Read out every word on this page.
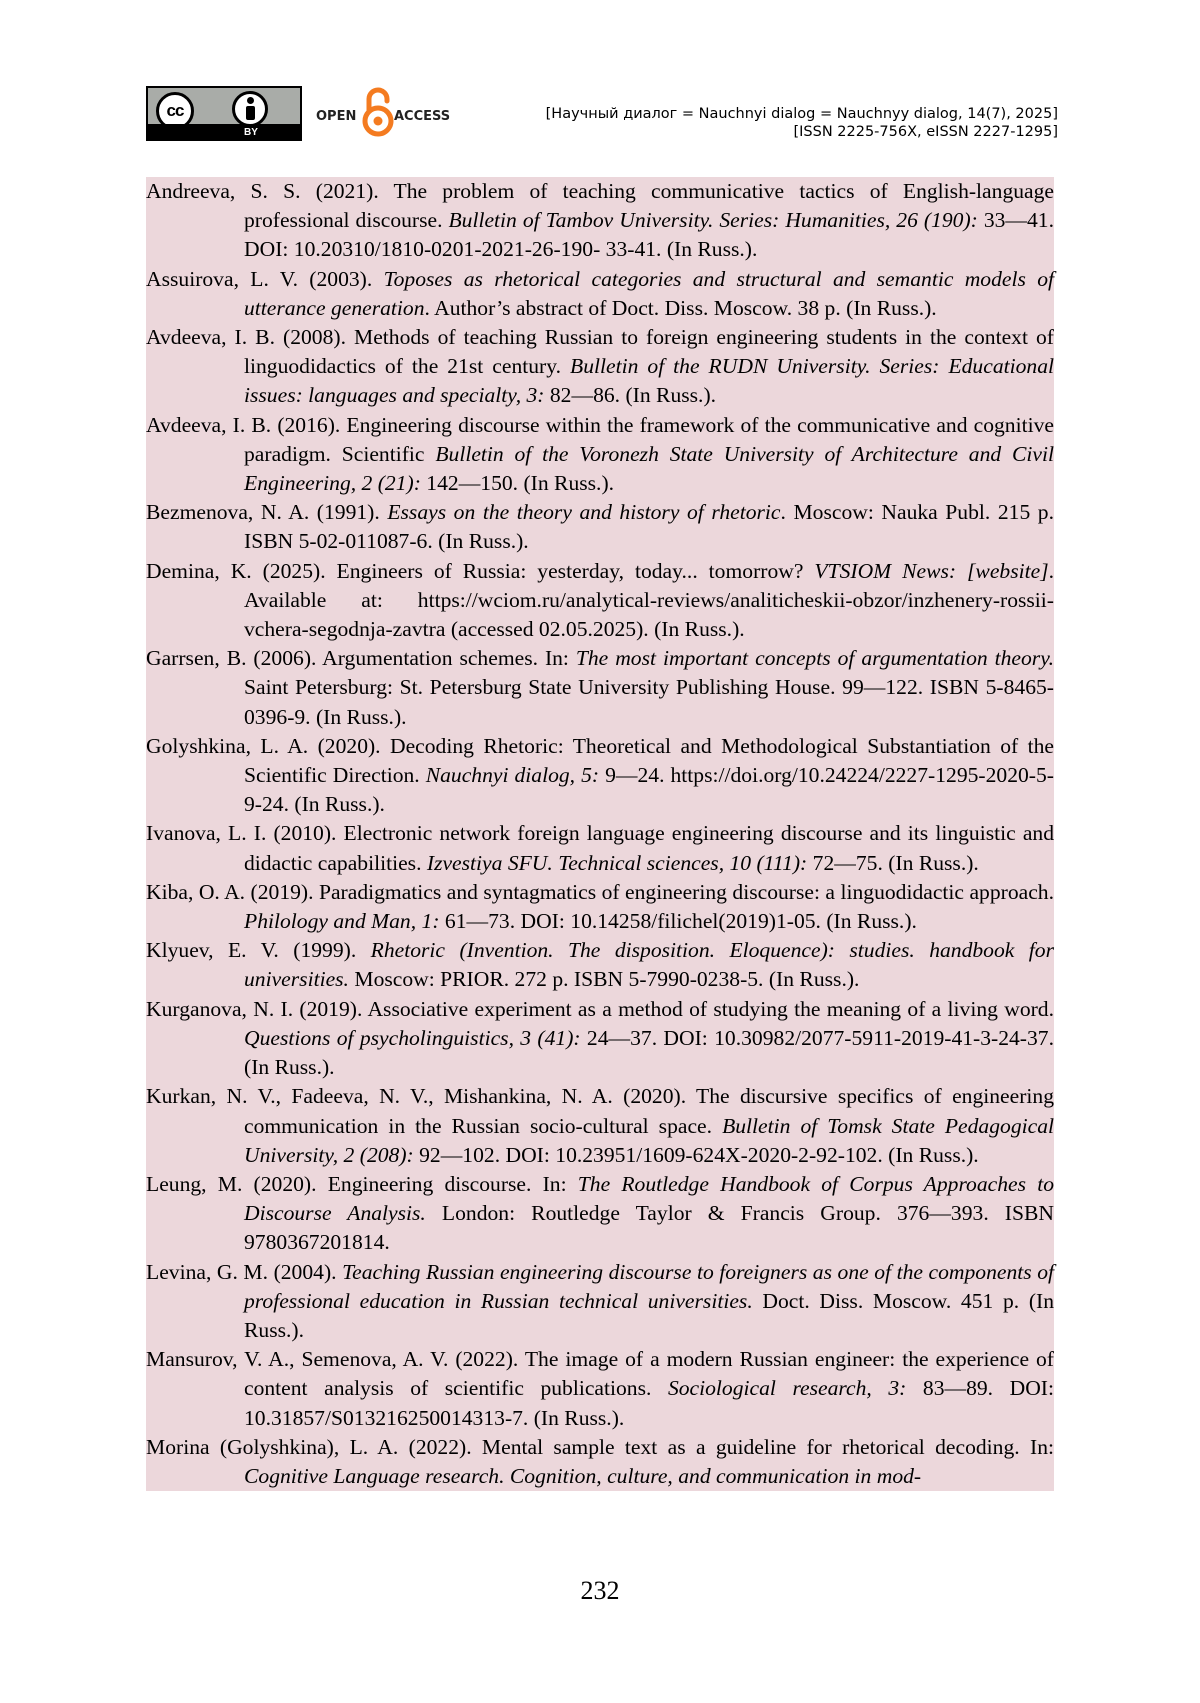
cc
BY
OPEN	ACCESS	[Научный диалог = Nauchnyi dialog = Nauchnyy dialog, 14(7), 2025]
[ISSN 2225-756X, eISSN 2227-1295]
Andreeva, S. S. (2021). The problem of teaching communicative tactics of English-language professional discourse. Bulletin of Tambov University. Series: Humanities, 26 (190): 33—41. DOI: 10.20310/1810-0201-2021-26-190- 33-41. (In Russ.).
Assuirova, L. V. (2003). Toposes as rhetorical categories and structural and semantic models of utterance generation. Author’s abstract of Doct. Diss. Moscow. 38 p. (In Russ.).
Avdeeva, I. B. (2008). Methods of teaching Russian to foreign engineering students in the context of linguodidactics of the 21st century. Bulletin of the RUDN University. Series: Educational issues: languages and specialty, 3: 82—86. (In Russ.).
Avdeeva, I. B. (2016). Engineering discourse within the framework of the communicative and cognitive paradigm. Scientific Bulletin of the Voronezh State University of Architecture and Civil Engineering, 2 (21): 142—150. (In Russ.).
Bezmenova, N. A. (1991). Essays on the theory and history of rhetoric. Moscow: Nauka Publ. 215 p. ISBN 5-02-011087-6. (In Russ.).
Demina, K. (2025). Engineers of Russia: yesterday, today... tomorrow? VTSIOM News: [website]. Available at: https://wciom.ru/analytical-reviews/analiticheskii-obzor/inzhenery-rossii-vchera-segodnja-zavtra (accessed 02.05.2025). (In Russ.).
Garrsen, B. (2006). Argumentation schemes. In: The most important concepts of argumentation theory. Saint Petersburg: St. Petersburg State University Publishing House. 99—122. ISBN 5-8465-0396-9. (In Russ.).
Golyshkina, L. A. (2020). Decoding Rhetoric: Theoretical and Methodological Substantiation of the Scientific Direction. Nauchnyi dialog, 5: 9—24. https://doi.org/10.24224/2227-1295-2020-5-9-24. (In Russ.).
Ivanova, L. I. (2010). Electronic network foreign language engineering discourse and its linguistic and didactic capabilities. Izvestiya SFU. Technical sciences, 10 (111): 72—75. (In Russ.).
Kiba, O. A. (2019). Paradigmatics and syntagmatics of engineering discourse: a linguodidactic approach. Philology and Man, 1: 61—73. DOI: 10.14258/filichel(2019)1-05. (In Russ.).
Klyuev, E. V. (1999). Rhetoric (Invention. The disposition. Eloquence): studies. handbook for universities. Moscow: PRIOR. 272 p. ISBN 5-7990-0238-5. (In Russ.).
Kurganova, N. I. (2019). Associative experiment as a method of studying the meaning of a living word. Questions of psycholinguistics, 3 (41): 24—37. DOI: 10.30982/2077-5911-2019-41-3-24-37. (In Russ.).
Kurkan, N. V., Fadeeva, N. V., Mishankina, N. A. (2020). The discursive specifics of engineering communication in the Russian socio-cultural space. Bulletin of Tomsk State Pedagogical University, 2 (208): 92—102. DOI: 10.23951/1609-624X-2020-2-92-102. (In Russ.).
Leung, M. (2020). Engineering discourse. In: The Routledge Handbook of Corpus Approaches to Discourse Analysis. London: Routledge Taylor & Francis Group. 376—393. ISBN 9780367201814.
Levina, G. M. (2004). Teaching Russian engineering discourse to foreigners as one of the components of professional education in Russian technical universities. Doct. Diss. Moscow. 451 p. (In Russ.).
Mansurov, V. A., Semenova, A. V. (2022). The image of a modern Russian engineer: the experience of content analysis of scientific publications. Sociological research, 3: 83—89. DOI: 10.31857/S013216250014313-7. (In Russ.).
Morina (Golyshkina), L. A. (2022). Mental sample text as a guideline for rhetorical decoding. In: Cognitive Language research. Cognition, culture, and communication in mod-
232
